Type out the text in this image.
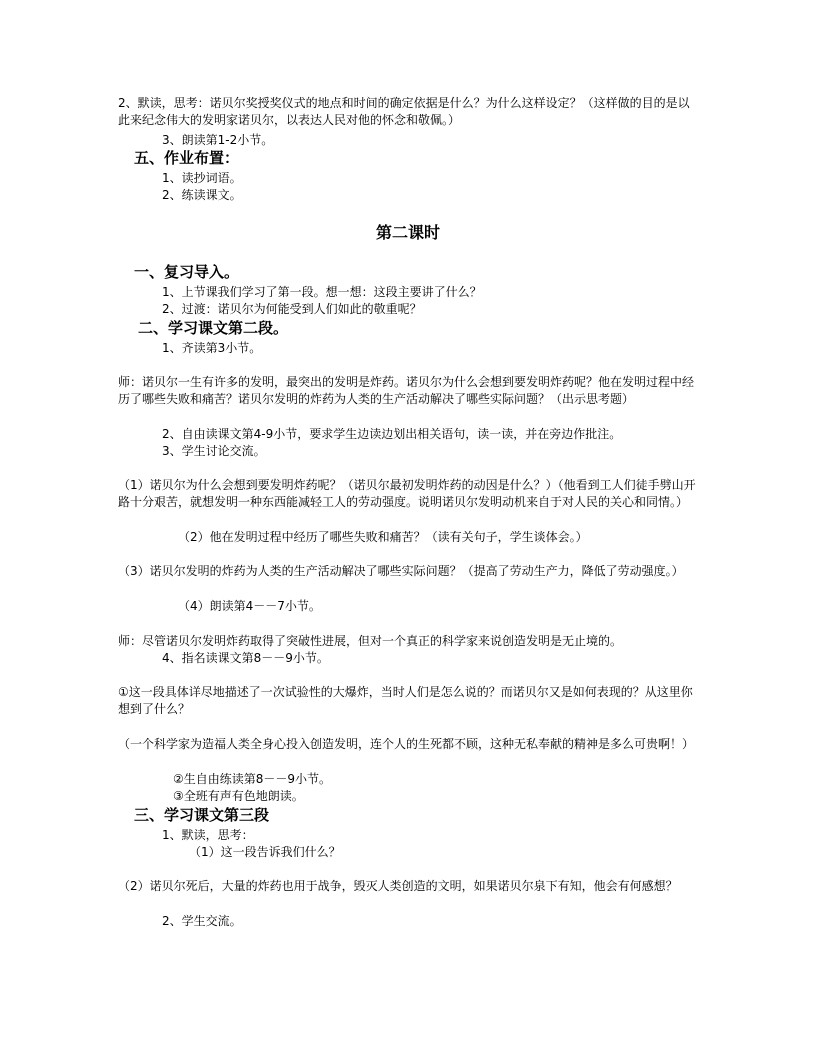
2、默读，思考：诺贝尔奖授奖仪式的地点和时间的确定依据是什么？为什么这样设定？（这样做的目的是以此来纪念伟大的发明家诺贝尔，以表达人民对他的怀念和敬佩。）
3、朗读第1-2小节。
五、作业布置：
1、读抄词语。
2、练读课文。
第二课时
一、复习导入。
1、上节课我们学习了第一段。想一想：这段主要讲了什么？
2、过渡：诺贝尔为何能受到人们如此的敬重呢？
二、学习课文第二段。
1、齐读第3小节。
师：诺贝尔一生有许多的发明，最突出的发明是炸药。诺贝尔为什么会想到要发明炸药呢？他在发明过程中经历了哪些失败和痛苦？诺贝尔发明的炸药为人类的生产活动解决了哪些实际问题？（出示思考题）
2、自由读课文第4-9小节，要求学生边读边划出相关语句，读一读，并在旁边作批注。
3、学生讨论交流。
（1）诺贝尔为什么会想到要发明炸药呢？（诺贝尔最初发明炸药的动因是什么？）（他看到工人们徒手劈山开路十分艰苦，就想发明一种东西能减轻工人的劳动强度。说明诺贝尔发明动机来自于对人民的关心和同情。）
（2）他在发明过程中经历了哪些失败和痛苦？（读有关句子，学生谈体会。）
（3）诺贝尔发明的炸药为人类的生产活动解决了哪些实际问题？（提高了劳动生产力，降低了劳动强度。）
（4）朗读第4－－7小节。
师：尽管诺贝尔发明炸药取得了突破性进展，但对一个真正的科学家来说创造发明是无止境的。
4、指名读课文第8－－9小节。
①这一段具体详尽地描述了一次试验性的大爆炸，当时人们是怎么说的？而诺贝尔又是如何表现的？从这里你想到了什么？
（一个科学家为造福人类全身心投入创造发明，连个人的生死都不顾，这种无私奉献的精神是多么可贵啊！）
②生自由练读第8－－9小节。
③全班有声有色地朗读。
三、学习课文第三段
1、默读，思考：
（1）这一段告诉我们什么？
（2）诺贝尔死后，大量的炸药也用于战争，毁灭人类创造的文明，如果诺贝尔泉下有知，他会有何感想？
2、学生交流。
